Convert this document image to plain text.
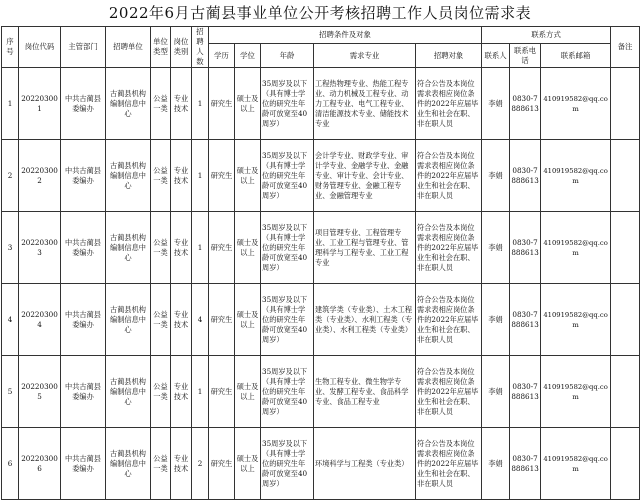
2022年6月古蔺县事业单位公开考核招聘工作人员岗位需求表
序号	岗位代码	主管部门	招聘单位	单位类型	岗位类别	招聘人数	招聘条件及对象					联系方式			备注
							学历	学位	年龄	需求专业	招聘对象	联系人	联系电话	联系邮箱	
1	202203001	中共古蔺县委编办	古蔺县机构编制信息中心	公益一类	专业技术	1	研究生	硕士及以上	35周岁及以下（具有博士学位的研究生年龄可放宽至40周岁）	工程热物理专业、热能工程专业、动力机械及工程专业、动力工程专业、电气工程专业、清洁能源技术专业、储能技术专业	符合公告及本岗位需求表相应岗位条件的2022年应届毕业生和社会在职、非在职人员	李娟	0830-7888613	410919582@qq.com	
2	202203002	中共古蔺县委编办	古蔺县机构编制信息中心	公益一类	专业技术	1	研究生	硕士及以上	35周岁及以下（具有博士学位的研究生年龄可放宽至40周岁）	会计学专业、财政学专业、审计学专业、金融学专业、金融专业、审计专业、会计专业、财务管理专业、金融工程专业、金融管理专业	符合公告及本岗位需求表相应岗位条件的2022年应届毕业生和社会在职、非在职人员	李娟	0830-7888613	410919582@qq.com	
3	202203003	中共古蔺县委编办	古蔺县机构编制信息中心	公益一类	专业技术	1	研究生	硕士及以上	35周岁及以下（具有博士学位的研究生年龄可放宽至40周岁）	项目管理专业、工程管理专业、工业工程与管理专业、管理科学与工程专业、工业工程专业	符合公告及本岗位需求表相应岗位条件的2022年应届毕业生和社会在职、非在职人员	李娟	0830-7888613	410919582@qq.com	
4	202203004	中共古蔺县委编办	古蔺县机构编制信息中心	公益一类	专业技术	4	研究生	硕士及以上	35周岁及以下（具有博士学位的研究生年龄可放宽至40周岁）	建筑学类（专业类）、土木工程类（专业类）、水利工程类（专业类）、水利工程类（专业类）	符合公告及本岗位需求表相应岗位条件的2022年应届毕业生和社会在职、非在职人员	李娟	0830-7888613	410919582@qq.com	
5	202203005	中共古蔺县委编办	古蔺县机构编制信息中心	公益一类	专业技术	1	研究生	硕士及以上	35周岁及以下（具有博士学位的研究生年龄可放宽至40周岁）	生物工程专业、微生物学专业、发酵工程专业、食品科学专业、食品工程专业	符合公告及本岗位需求表相应岗位条件的2022年应届毕业生和社会在职、非在职人员	李娟	0830-7888613	410919582@qq.com	
6	202203006	中共古蔺县委编办	古蔺县机构编制信息中心	公益一类	专业技术	2	研究生	硕士及以上	35周岁及以下（具有博士学位的研究生年龄可放宽至40周岁）	环境科学与工程类（专业类）	符合公告及本岗位需求表相应岗位条件的2022年应届毕业生和社会在职、非在职人员	李娟	0830-7888613	410919582@qq.com	
